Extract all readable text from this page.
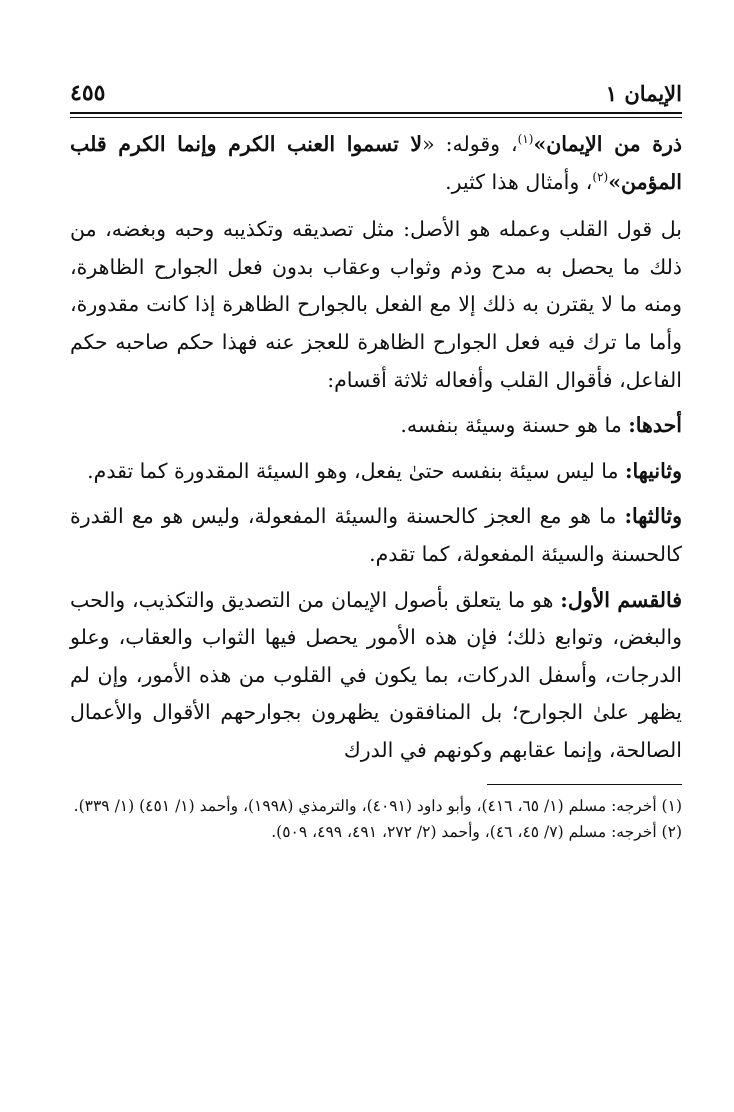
الإيمان ١
٤٥٥

ذرة من الإيمان»$^{(١)}$، وقوله: «لا تسموا العنب الكرم وإنما الكرم قلب المؤمن»$^{(٢)}$، وأمثال هذا كثير.

بل قول القلب وعمله هو الأصل: مثل تصديقه وتكذيبه وحبه وبغضه، من ذلك ما يحصل به مدح وذم وثواب وعقاب بدون فعل الجوارح الظاهرة، ومنه ما لا يقترن به ذلك إلا مع الفعل بالجوارح الظاهرة إذا كانت مقدورة، وأما ما ترك فيه فعل الجوارح الظاهرة للعجز عنه فهذا حكم صاحبه حكم الفاعل، فأقوال القلب وأفعاله ثلاثة أقسام:

أحدها: ما هو حسنة وسيئة بنفسه.

وثانيها: ما ليس سيئة بنفسه حتىٰ يفعل، وهو السيئة المقدورة كما تقدم.

وثالثها: ما هو مع العجز كالحسنة والسيئة المفعولة، وليس هو مع القدرة كالحسنة والسيئة المفعولة، كما تقدم.

فالقسم الأول: هو ما يتعلق بأصول الإيمان من التصديق والتكذيب، والحب والبغض، وتوابع ذلك؛ فإن هذه الأمور يحصل فيها الثواب والعقاب، وعلو الدرجات، وأسفل الدركات، بما يكون في القلوب من هذه الأمور، وإن لم يظهر علىٰ الجوارح؛ بل المنافقون يظهرون بجوارحهم الأقوال والأعمال الصالحة، وإنما عقابهم وكونهم في الدرك

(١) أخرجه: مسلم (١/ ٦٥، ٤١٦)، وأبو داود (٤٠٩١)، والترمذي (١٩٩٨)، وأحمد (١/ ٤٥١) (١/ ٣٣٩).

(٢) أخرجه: مسلم (٧/ ٤٥، ٤٦)، وأحمد (٢/ ٢٧٢، ٤٩١، ٤٩٩، ٥٠٩).
